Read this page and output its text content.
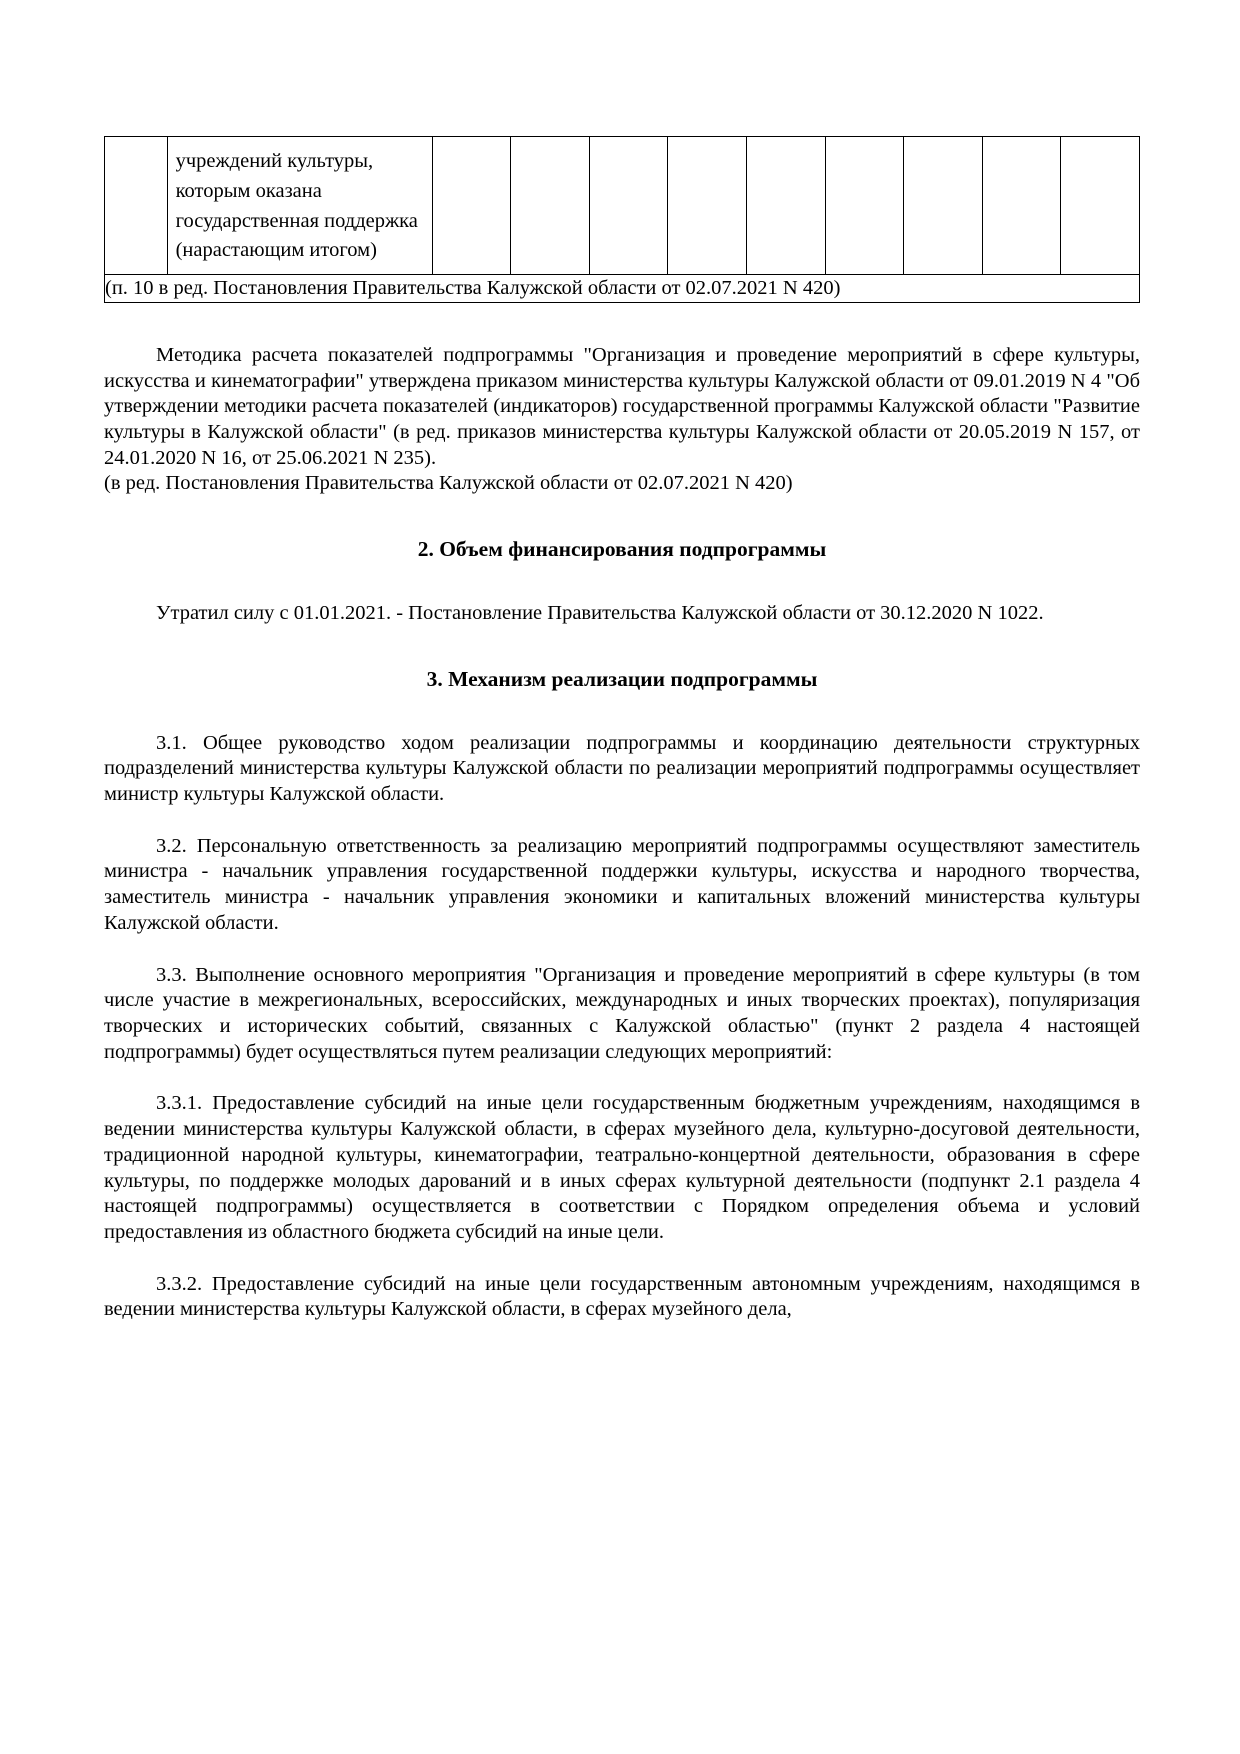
учреждений культуры, которым оказана государственная поддержка (нарастающим итогом)

(п. 10 в ред. Постановления Правительства Калужской области от 02.07.2021 N 420)

Методика расчета показателей подпрограммы "Организация и проведение мероприятий в сфере культуры, искусства и кинематографии" утверждена приказом министерства культуры Калужской области от 09.01.2019 N 4 "Об утверждении методики расчета показателей (индикаторов) государственной программы Калужской области "Развитие культуры в Калужской области" (в ред. приказов министерства культуры Калужской области от 20.05.2019 N 157, от 24.01.2020 N 16, от 25.06.2021 N 235).

(в ред. Постановления Правительства Калужской области от 02.07.2021 N 420)

2. Объем финансирования подпрограммы

Утратил силу с 01.01.2021. - Постановление Правительства Калужской области от 30.12.2020 N 1022.

3. Механизм реализации подпрограммы

3.1. Общее руководство ходом реализации подпрограммы и координацию деятельности структурных подразделений министерства культуры Калужской области по реализации мероприятий подпрограммы осуществляет министр культуры Калужской области.

3.2. Персональную ответственность за реализацию мероприятий подпрограммы осуществляют заместитель министра - начальник управления государственной поддержки культуры, искусства и народного творчества, заместитель министра - начальник управления экономики и капитальных вложений министерства культуры Калужской области.

3.3. Выполнение основного мероприятия "Организация и проведение мероприятий в сфере культуры (в том числе участие в межрегиональных, всероссийских, международных и иных творческих проектах), популяризация творческих и исторических событий, связанных с Калужской областью" (пункт 2 раздела 4 настоящей подпрограммы) будет осуществляться путем реализации следующих мероприятий:

3.3.1. Предоставление субсидий на иные цели государственным бюджетным учреждениям, находящимся в ведении министерства культуры Калужской области, в сферах музейного дела, культурно-досуговой деятельности, традиционной народной культуры, кинематографии, театрально-концертной деятельности, образования в сфере культуры, по поддержке молодых дарований и в иных сферах культурной деятельности (подпункт 2.1 раздела 4 настоящей подпрограммы) осуществляется в соответствии с Порядком определения объема и условий предоставления из областного бюджета субсидий на иные цели.

3.3.2. Предоставление субсидий на иные цели государственным автономным учреждениям, находящимся в ведении министерства культуры Калужской области, в сферах музейного дела,
